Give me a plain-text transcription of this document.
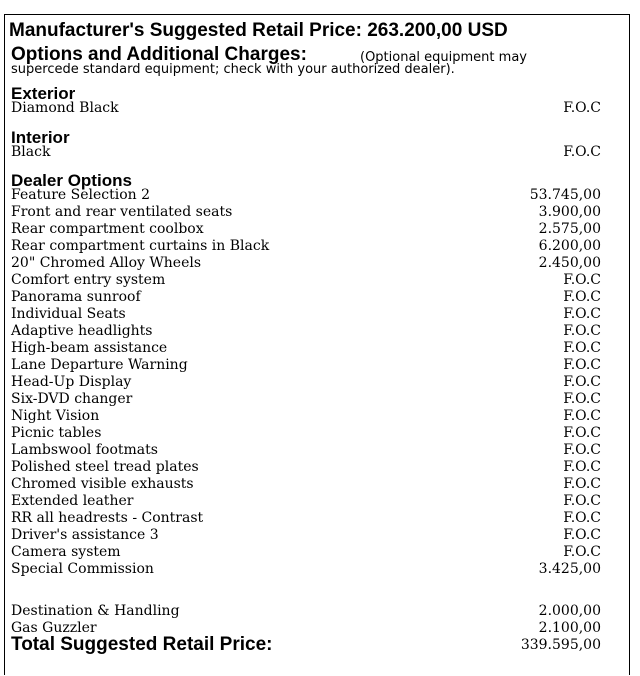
Manufacturer's Suggested Retail Price: 263.200,00 USD
Options and Additional Charges:	(Optional equipment may
supercede standard equipment; check with your authorized dealer).
Exterior
Diamond Black	F.O.C
Interior
Black	F.O.C
Dealer Options
Feature Selection 2	53.745,00
Front and rear ventilated seats	3.900,00
Rear compartment coolbox	2.575,00
Rear compartment curtains in Black	6.200,00
20" Chromed Alloy Wheels	2.450,00
Comfort entry system	F.O.C
Panorama sunroof	F.O.C
Individual Seats	F.O.C
Adaptive headlights	F.O.C
High-beam assistance	F.O.C
Lane Departure Warning	F.O.C
Head-Up Display	F.O.C
Six-DVD changer	F.O.C
Night Vision	F.O.C
Picnic tables	F.O.C
Lambswool footmats	F.O.C
Polished steel tread plates	F.O.C
Chromed visible exhausts	F.O.C
Extended leather	F.O.C
RR all headrests - Contrast	F.O.C
Driver's assistance 3	F.O.C
Camera system	F.O.C
Special Commission	3.425,00
Destination & Handling	2.000,00
Gas Guzzler	2.100,00
Total Suggested Retail Price:	339.595,00
